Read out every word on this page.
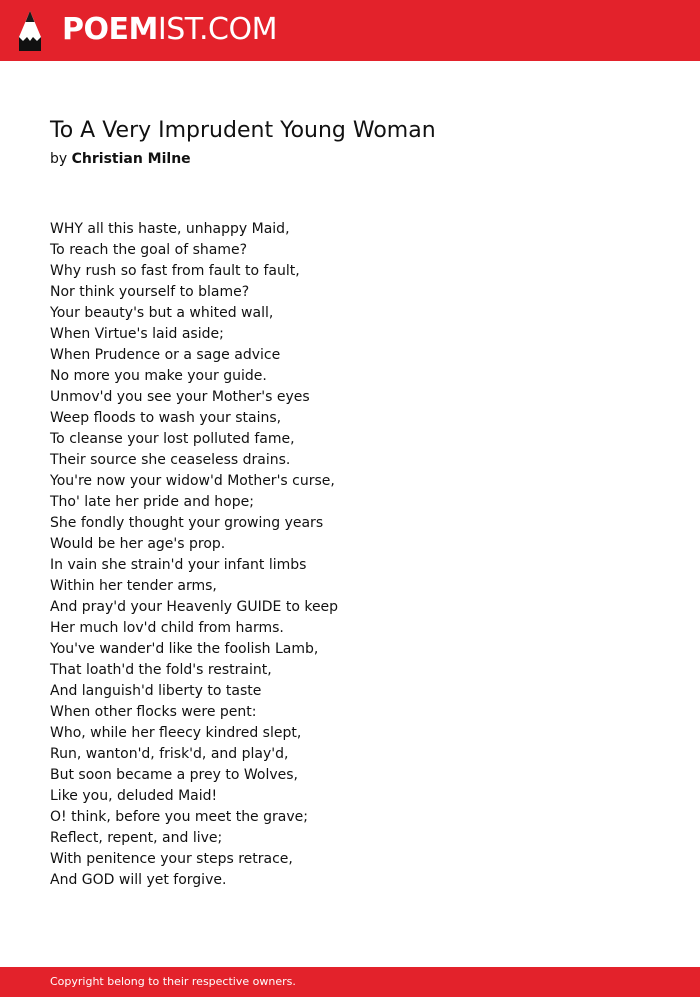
POEMIST.COM
To A Very Imprudent Young Woman
by Christian Milne
WHY all this haste, unhappy Maid,
To reach the goal of shame?
Why rush so fast from fault to fault,
Nor think yourself to blame?
Your beauty's but a whited wall,
When Virtue's laid aside;
When Prudence or a sage advice
No more you make your guide.
Unmov'd you see your Mother's eyes
Weep floods to wash your stains,
To cleanse your lost polluted fame,
Their source she ceaseless drains.
You're now your widow'd Mother's curse,
Tho' late her pride and hope;
She fondly thought your growing years
Would be her age's prop.
In vain she strain'd your infant limbs
Within her tender arms,
And pray'd your Heavenly GUIDE to keep
Her much lov'd child from harms.
You've wander'd like the foolish Lamb,
That loath'd the fold's restraint,
And languish'd liberty to taste
When other flocks were pent:
Who, while her fleecy kindred slept,
Run, wanton'd, frisk'd, and play'd,
But soon became a prey to Wolves,
Like you, deluded Maid!
O! think, before you meet the grave;
Reflect, repent, and live;
With penitence your steps retrace,
And GOD will yet forgive.
Copyright belong to their respective owners.
